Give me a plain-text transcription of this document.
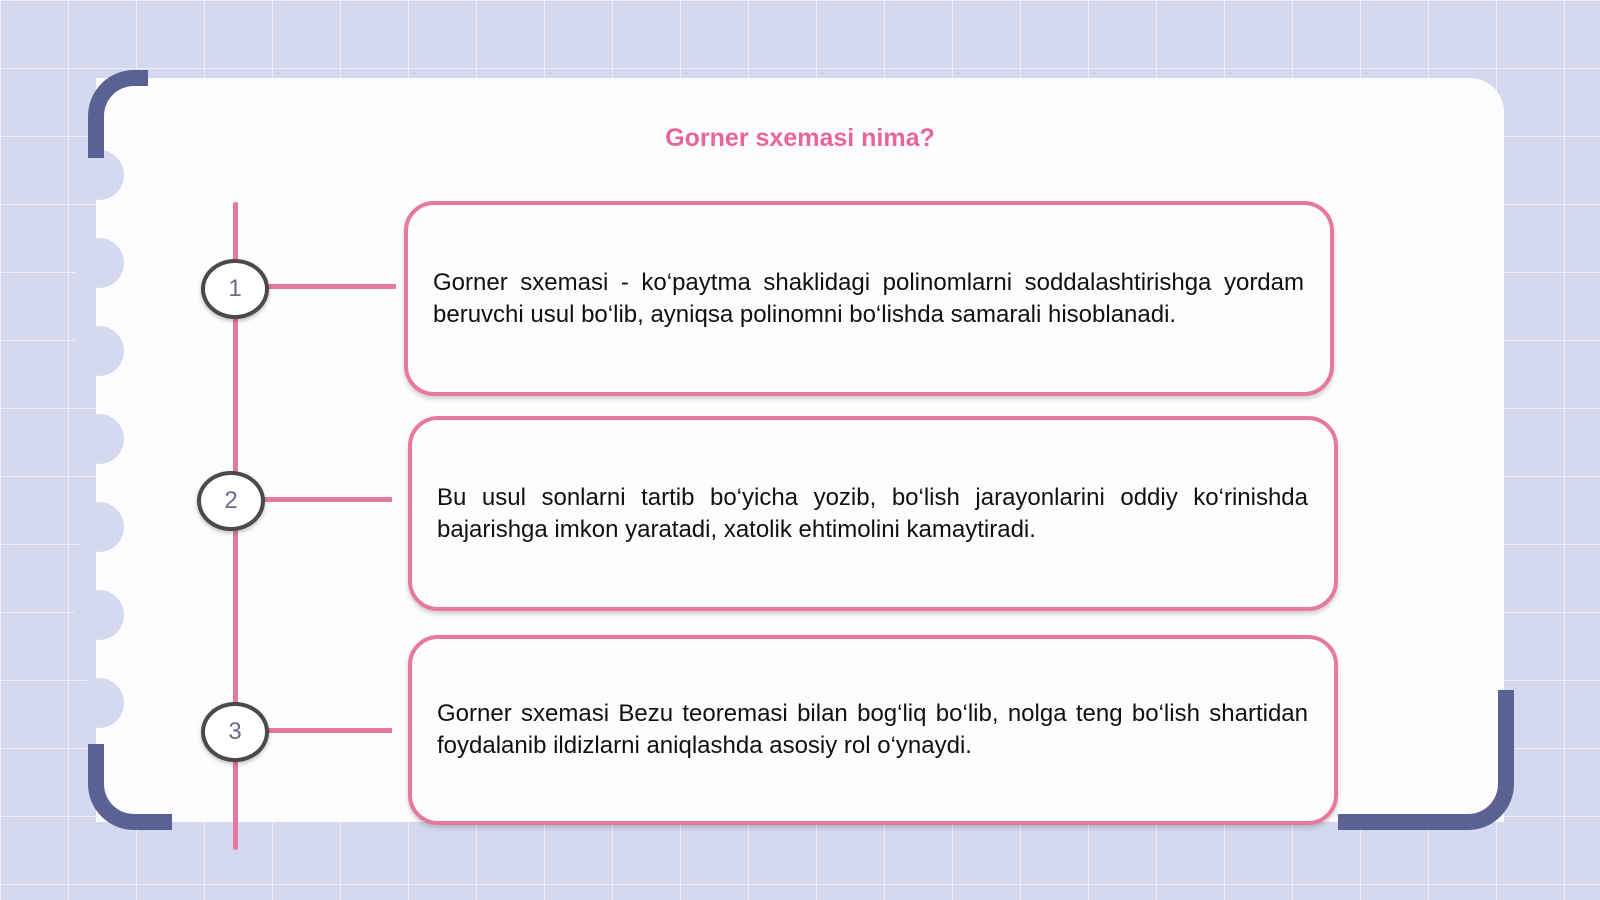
Gorner sxemasi nima?
1
2
3
Gorner sxemasi - ko‘paytma shaklidagi polinomlarni soddalashtirishga yordam beruvchi usul bo‘lib, ayniqsa polinomni bo‘lishda samarali hisoblanadi.
Bu usul sonlarni tartib bo‘yicha yozib, bo‘lish jarayonlarini oddiy ko‘rinishda bajarishga imkon yaratadi, xatolik ehtimolini kamaytiradi.
Gorner sxemasi Bezu teoremasi bilan bog‘liq bo‘lib, nolga teng bo‘lish shartidan foydalanib ildizlarni aniqlashda asosiy rol o‘ynaydi.
